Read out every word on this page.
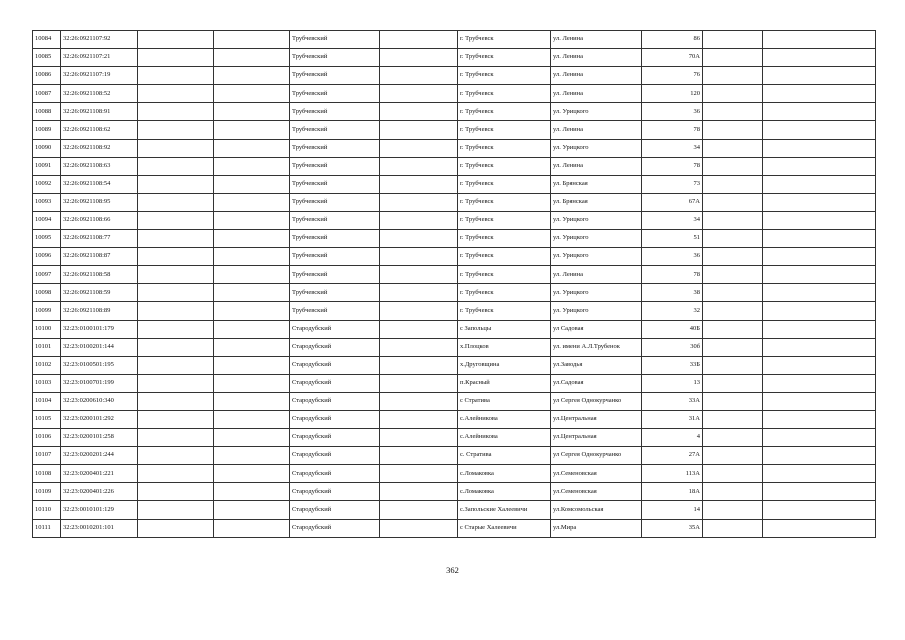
10084	32:26:0921107:92			Трубчевский		г. Трубчевск	ул. Ленина	86		
10085	32:26:0921107:21			Трубчевский		г. Трубчевск	ул. Ленина	70А		
10086	32:26:0921107:19			Трубчевский		г. Трубчевск	ул. Ленина	76		
10087	32:26:0921108:52			Трубчевский		г. Трубчевск	ул. Ленина	120		
10088	32:26:0921108:91			Трубчевский		г. Трубчевск	ул. Урицкого	36		
10089	32:26:0921108:62			Трубчевский		г. Трубчевск	ул. Ленина	78		
10090	32:26:0921108:92			Трубчевский		г. Трубчевск	ул. Урицкого	34		
10091	32:26:0921108:63			Трубчевский		г. Трубчевск	ул. Ленина	78		
10092	32:26:0921108:54			Трубчевский		г. Трубчевск	ул. Брянская	73		
10093	32:26:0921108:95			Трубчевский		г. Трубчевск	ул. Брянская	67А		
10094	32:26:0921108:66			Трубчевский		г. Трубчевск	ул. Урицкого	34		
10095	32:26:0921108:77			Трубчевский		г. Трубчевск	ул. Урицкого	51		
10096	32:26:0921108:87			Трубчевский		г. Трубчевск	ул. Урицкого	36		
10097	32:26:0921108:58			Трубчевский		г. Трубчевск	ул. Ленина	78		
10098	32:26:0921108:59			Трубчевский		г. Трубчевск	ул. Урицкого	38		
10099	32:26:0921108:89			Трубчевский		г. Трубчевск	ул. Урицкого	32		
10100	32:23:0100101:179			Стародубский		с Запольцы	ул Садовая	40Б		
10101	32:23:0100201:144			Стародубский		х.Плоцков	ул. имени А.Л.Трубенок	30б		
10102	32:23:0100501:195			Стародубский		х.Друговщина	ул.Заводья	33Б		
10103	32:23:0100701:199			Стародубский		п.Красный	ул.Садовая	13		
10104	32:23:0200610:340			Стародубский		с Стратива	ул Сергея Однокурчанко	33А		
10105	32:23:0200101:292			Стародубский		с.Алейникова	ул.Центральная	31А		
10106	32:23:0200101:258			Стародубский		с.Алейникова	ул.Центральная	4		
10107	32:23:0200201:244			Стародубский		с. Стратива	ул Сергея Однокурчанко	27А		
10108	32:23:0200401:221			Стародубский		с.Ломаковка	ул.Семеновская	113А		
10109	32:23:0200401:226			Стародубский		с.Ломаковка	ул.Семеновская	18А		
10110	32:23:0010101:129			Стародубский		с.Запольские Халеевичи	ул.Комсомольская	14		
10111	32:23:0010201:101			Стародубский		с Старые Халеевичи	ул.Мира	35А		
362
